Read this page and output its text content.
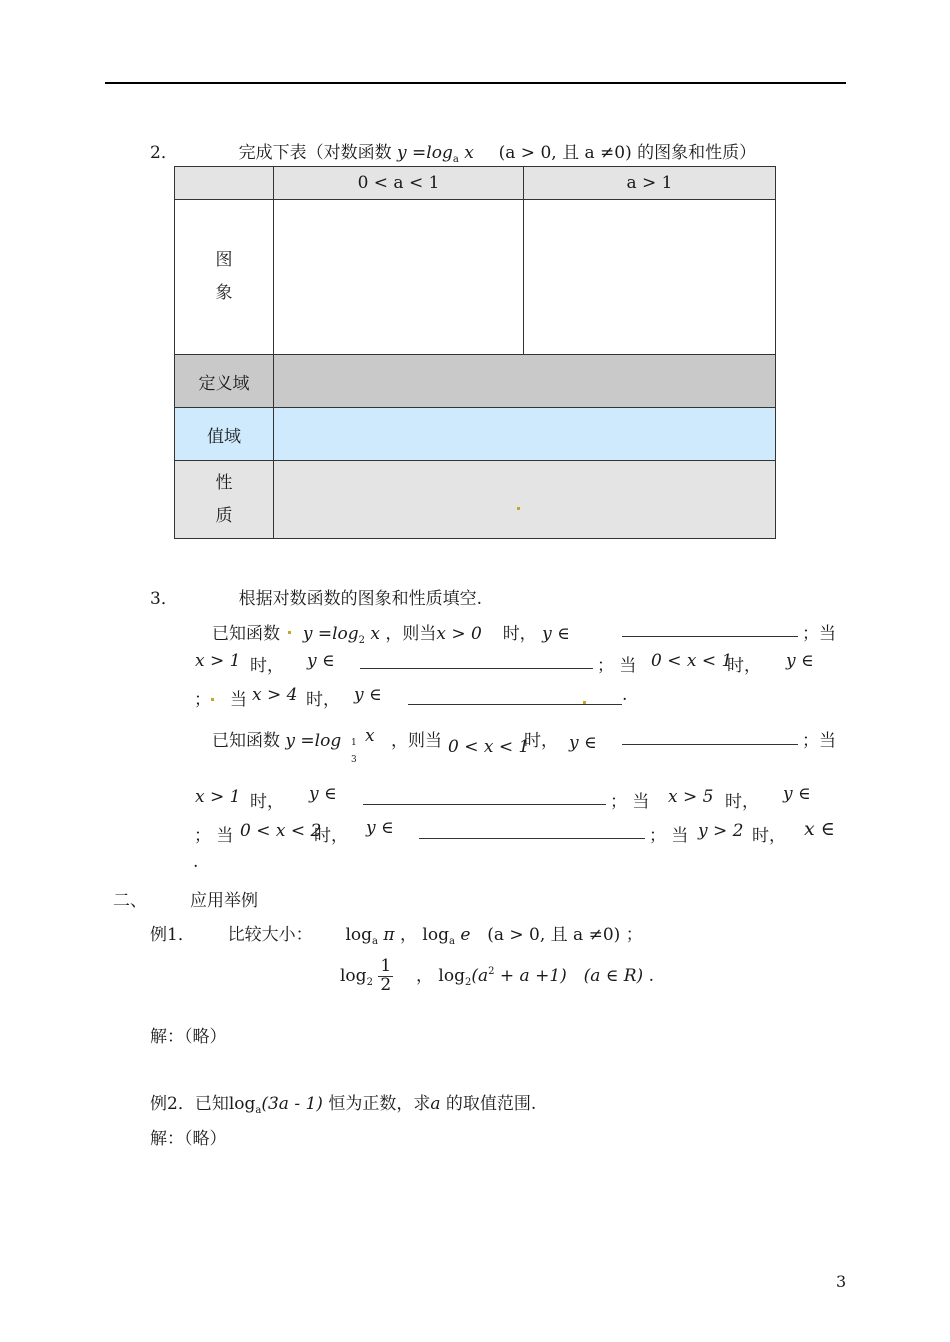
2．	完成下表（对数函数 $y =\log_a$ x (a > 0, 且 a ≠0) 的图象和性质）
	0 < a < 1	a > 1

图
象		

定义域		
值域		

性
质		

3．	根据对数函数的图象和性质填空.
已知函数 $y =\log_2$ x ，则当x > 0 时， y ∈	；当
x > 1 时， y ∈	； 当 0 < x < 1
时， y ∈
； 当 x > 4 时， y ∈	.
已知函数 y =log 1
3
x ，则当 0 < x < 1
时， y ∈	；当
x > 1 时， y ∈	； 当 x > 5 时， y ∈
； 当 0 < x < 2
时， y ∈	； 当 y > 2 时， x ∈
.
二、	应用举例
例1． 比较大小： $\log_a \pi$ ， $\log_a e$ (a > 0, 且 a ≠0) ；
$\log_2 \frac{1}{2}$ ， $\log_2(a^2 + a +1)$ (a ∈ R) .
解：（略）
例2．已知$\log_a(3a - 1)$ 恒为正数，求a 的取值范围.
解：（略）
3
